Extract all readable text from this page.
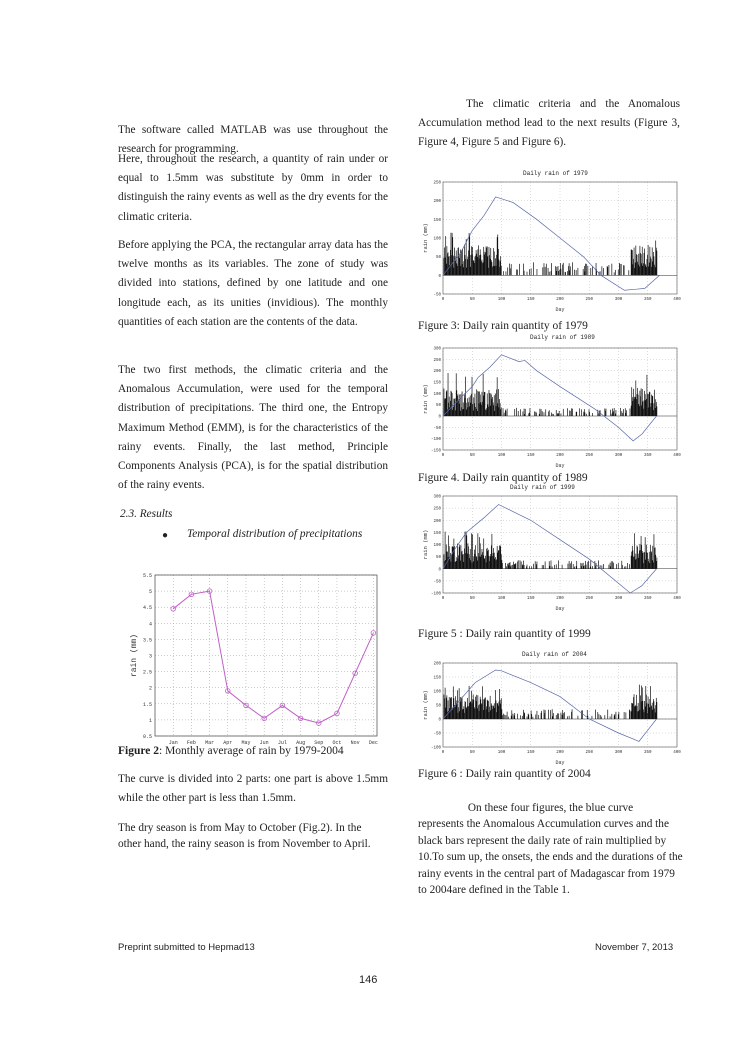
The software called MATLAB was use throughout the research for programming.

Here, throughout the research, a quantity of rain under or equal to 1.5mm was substitute by 0mm in order to distinguish the rainy events as well as the dry events for the climatic criteria.

Before applying the PCA, the rectangular array data has the twelve months as its variables. The zone of study was divided into stations, defined by one latitude and one longitude each, as its unities (invidious). The monthly quantities of each station are the contents of the data.

The two first methods, the climatic criteria and the Anomalous Accumulation, were used for the temporal distribution of precipitations. The third one, the Entropy Maximum Method (EMM), is for the characteristics of the rainy events. Finally, the last method, Principle Components Analysis (PCA), is for the spatial distribution of the rainy events.

2.3. Results
● Temporal distribution of precipitations
0.5
1
1.5
2
2.5
3
3.5
4
4.5
5
5.5
Jan Feb Mar Apr May Jun Jul Aug Sep Oct Nov Dec
rain (mm)
Figure 2: Monthly average of rain by 1979-2004

The curve is divided into 2 parts: one part is above 1.5mm while the other part is less than 1.5mm.

The dry season is from May to October (Fig.2). In the other hand, the rainy season is from November to April.

The climatic criteria and the Anomalous Accumulation method lead to the next results (Figure 3, Figure 4, Figure 5 and Figure 6).

Daily rain of 1979
-50
0
50
100
150
200
250
0	50	100	150	200	250	300	350	400
Day
rain (mm)
Figure 3: Daily rain quantity of 1979
Daily rain of 1989
-150
-100
-50
0
50
100
150
200
250
300
0	50	100	150	200	250	300	350	400
Day
rain (mm)
Figure 4. Daily rain quantity of 1989
Daily rain of 1999
-100
-50
0
50
100
150
200
250
300
0	50	100	150	200	250	300	350	400
Day
rain (mm)
Figure 5 : Daily rain quantity of 1999
Daily rain of 2004
-100
-50
0
50
100
150
200
0	50	100	150	200	250	300	350	400
Day
rain (mm)
Figure 6 : Daily rain quantity of 2004
On these four figures, the blue curve
represents the Anomalous Accumulation curves and the black bars represent the daily rate of rain multiplied by 10.To sum up, the onsets, the ends and the durations of the rainy events in the central part of Madagascar from 1979 to 2004are defined in the Table 1.
Preprint submitted to Hepmad13	November 7, 2013
146
